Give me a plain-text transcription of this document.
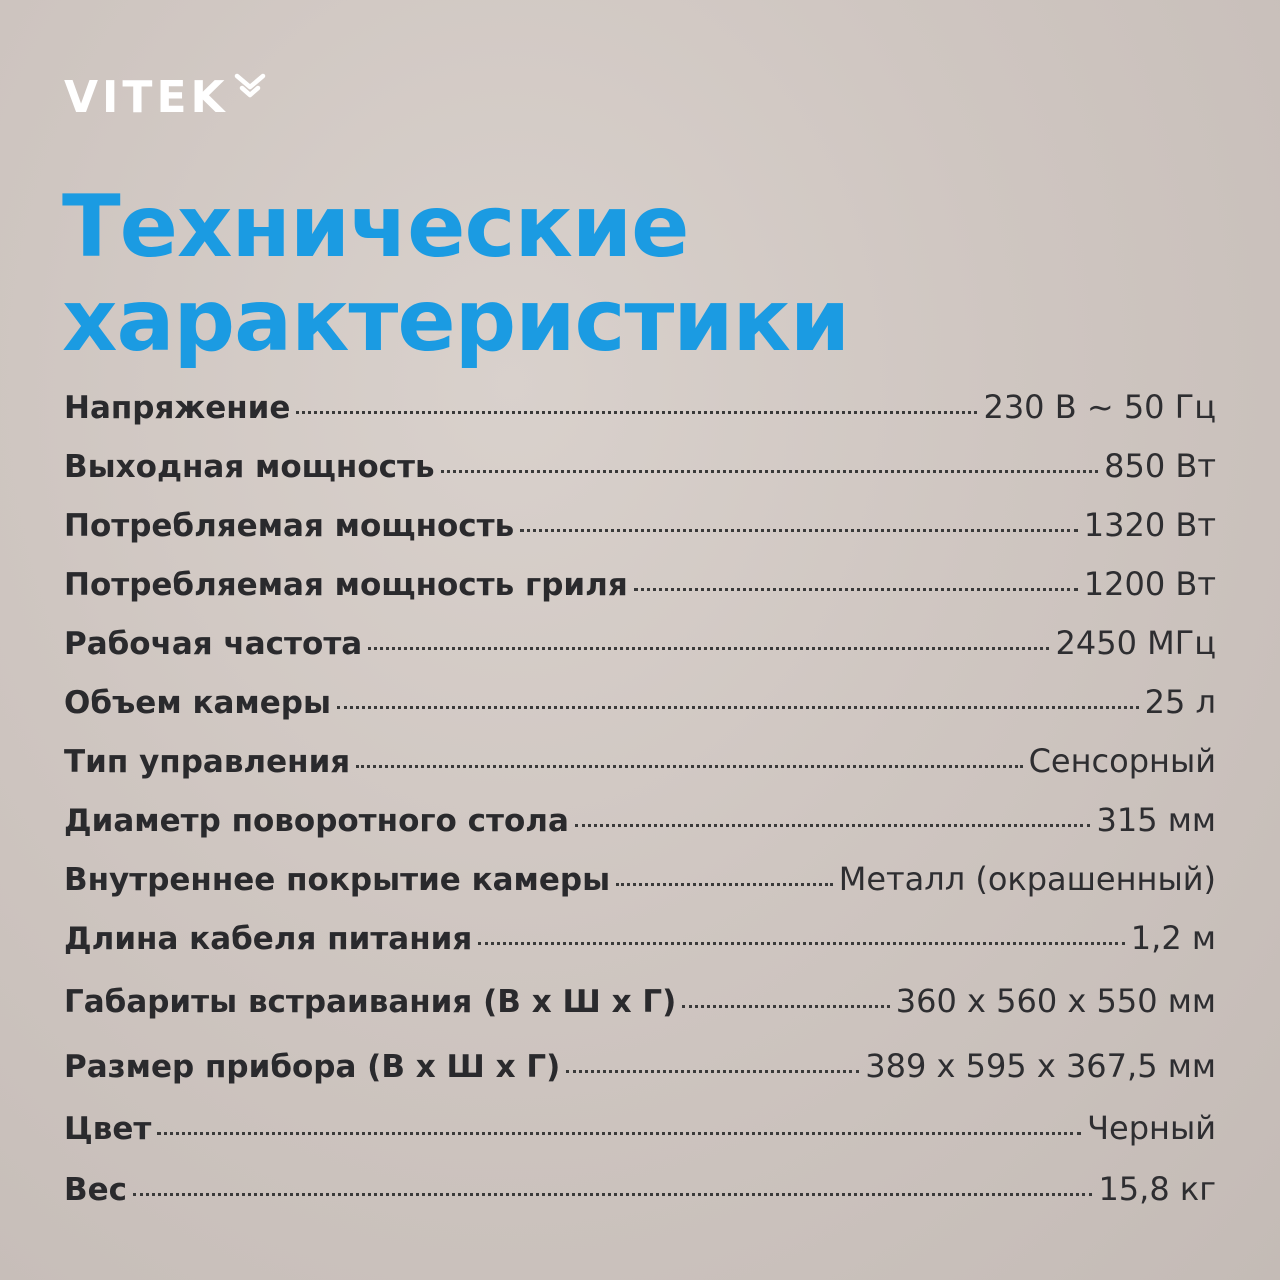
VITEK
Технические
характеристики
Напряжение	230 В ~ 50 Гц
Выходная мощность	850 Вт
Потребляемая мощность	1320 Вт
Потребляемая мощность гриля	1200 Вт
Рабочая частота	2450 МГц
Объем камеры	25 л
Тип управления	Сенсорный
Диаметр поворотного стола	315 мм
Внутреннее покрытие камеры	Металл (окрашенный)
Длина кабеля питания	1,2 м
Габариты встраивания (В х Ш х Г)	360 х 560 х 550 мм
Размер прибора (В х Ш х Г)	389 х 595 х 367,5 мм
Цвет	Черный
Вес	15,8 кг
